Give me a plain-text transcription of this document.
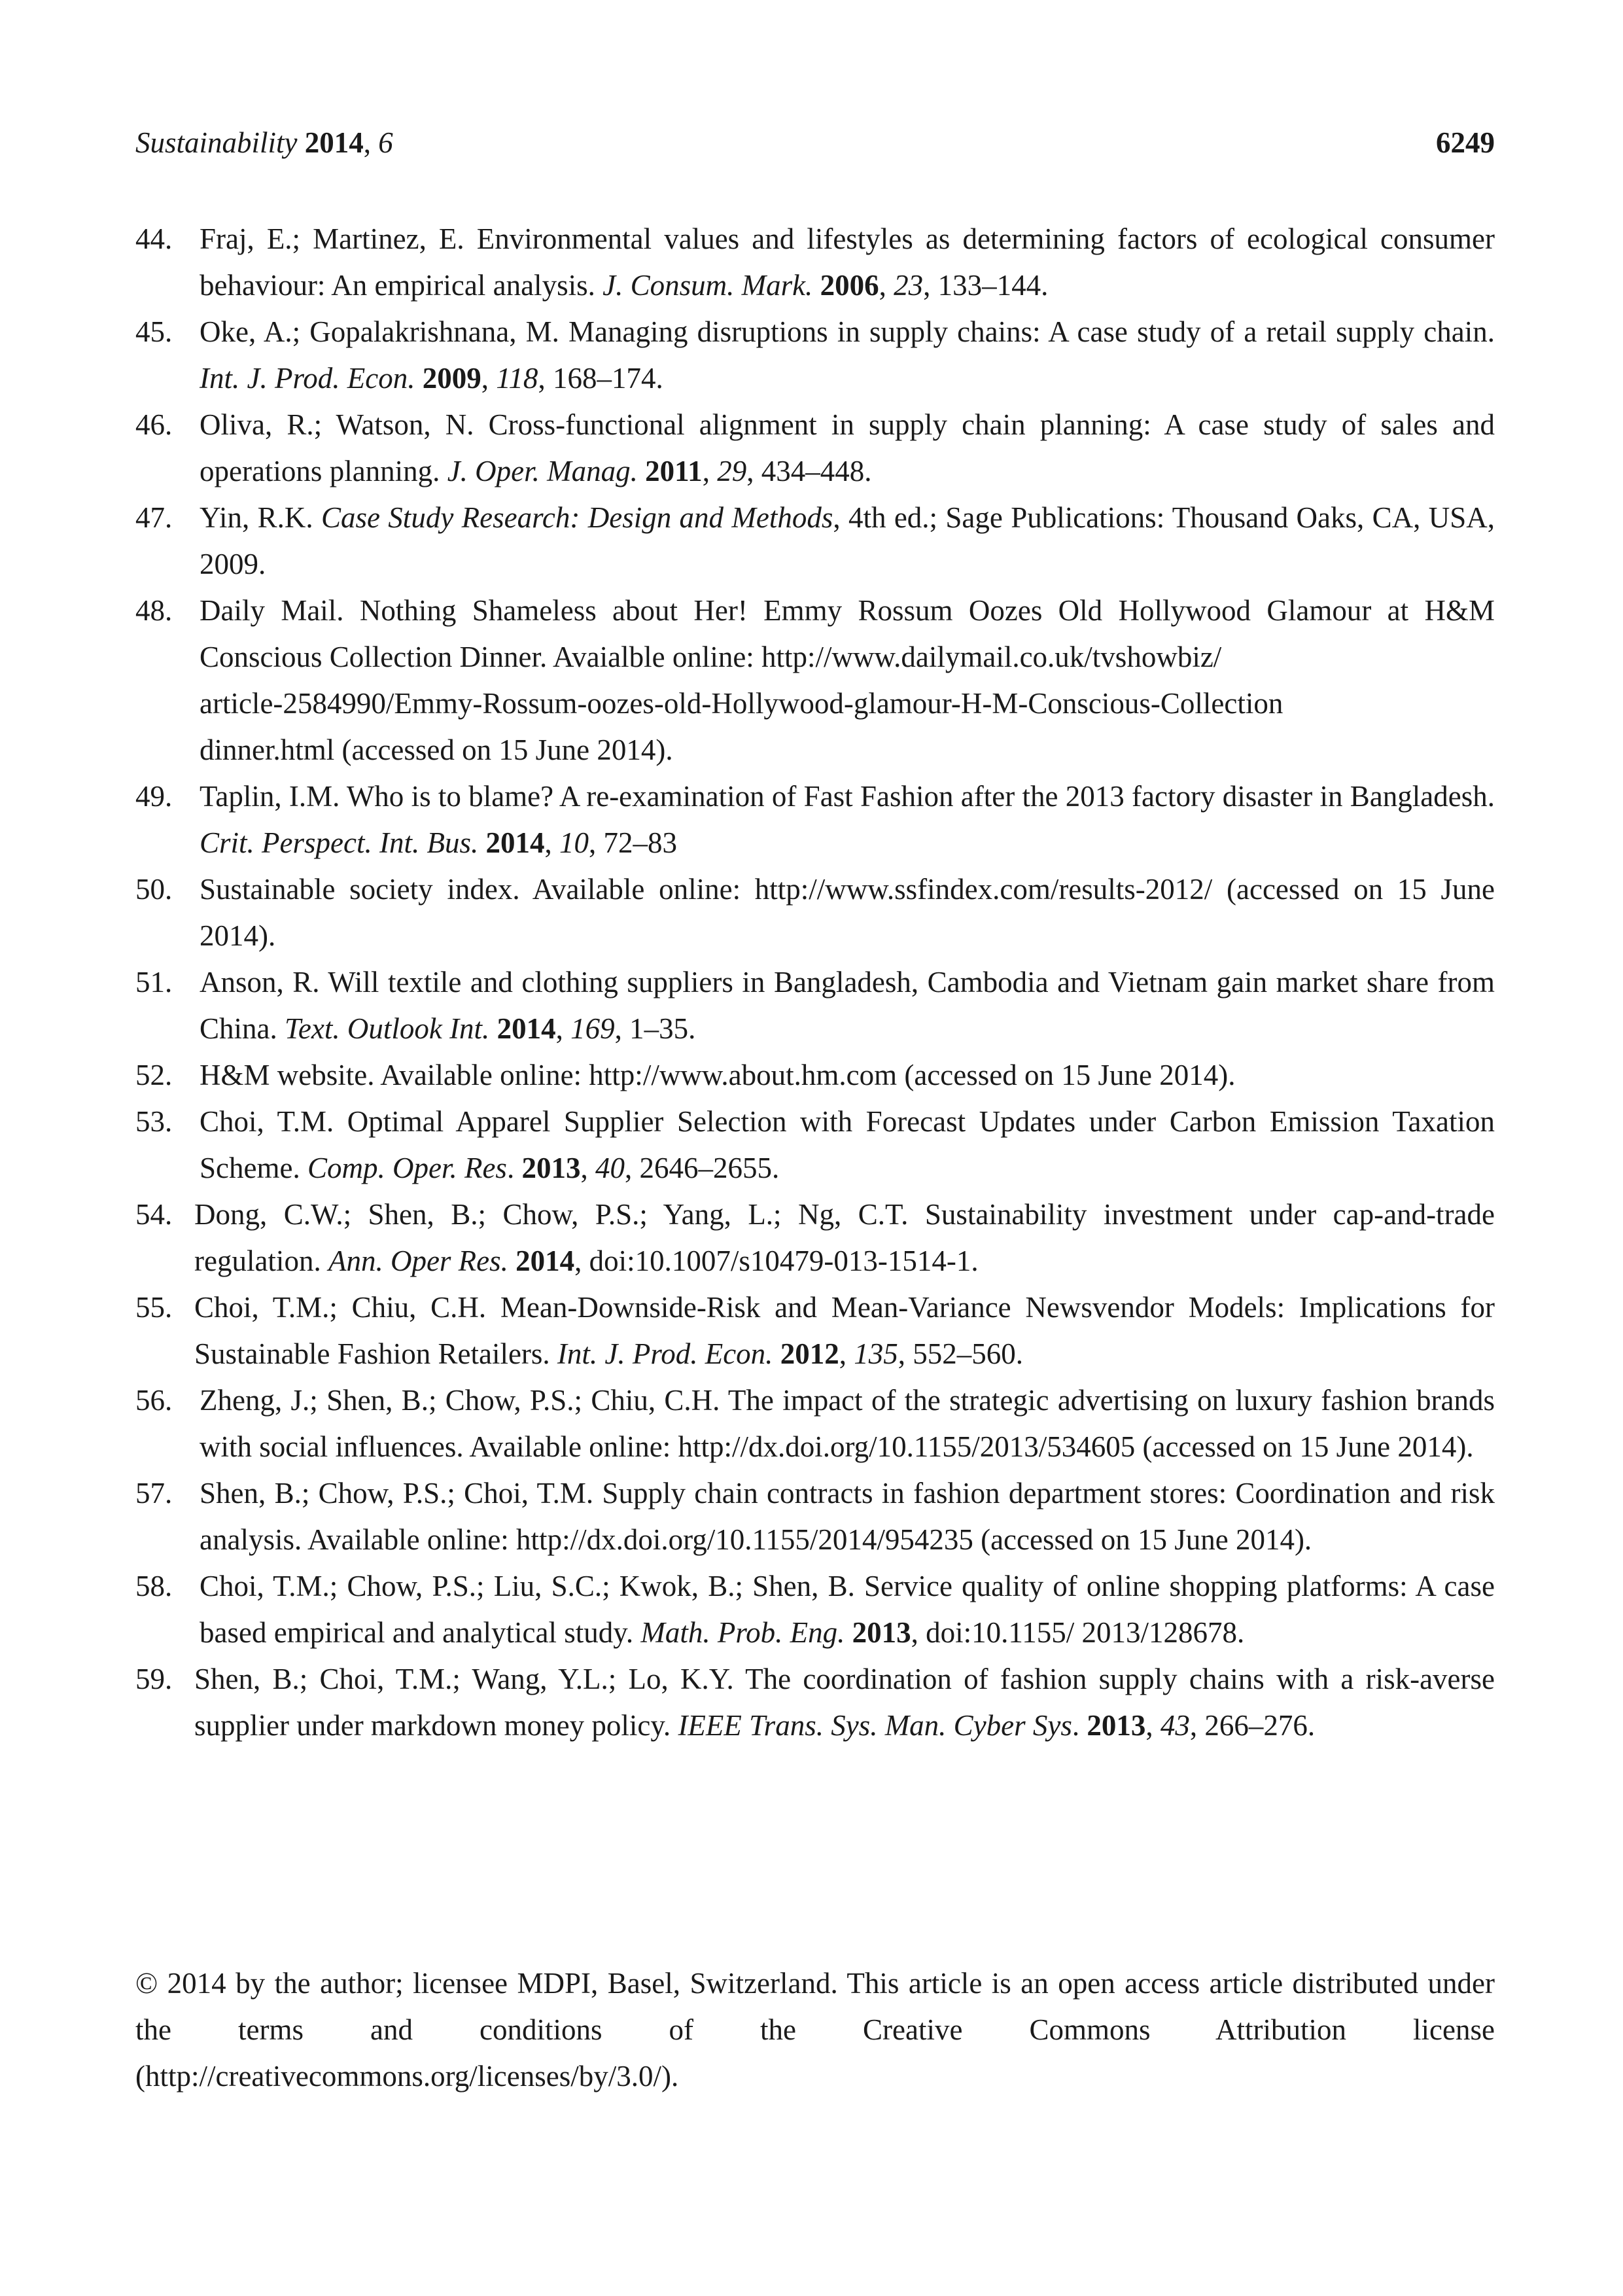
Sustainability 2014, 6	6249
44. Fraj, E.; Martinez, E. Environmental values and lifestyles as determining factors of ecological consumer behaviour: An empirical analysis. J. Consum. Mark. 2006, 23, 133–144.
45. Oke, A.; Gopalakrishnana, M. Managing disruptions in supply chains: A case study of a retail supply chain. Int. J. Prod. Econ. 2009, 118, 168–174.
46. Oliva, R.; Watson, N. Cross-functional alignment in supply chain planning: A case study of sales and operations planning. J. Oper. Manag. 2011, 29, 434–448.
47. Yin, R.K. Case Study Research: Design and Methods, 4th ed.; Sage Publications: Thousand Oaks, CA, USA, 2009.
48. Daily Mail. Nothing Shameless about Her! Emmy Rossum Oozes Old Hollywood Glamour at H&M Conscious Collection Dinner. Avaialble online: http://www.dailymail.co.uk/tvshowbiz/
article-2584990/Emmy-Rossum-oozes-old-Hollywood-glamour-H-M-Conscious-Collection
dinner.html (accessed on 15 June 2014).
49. Taplin, I.M. Who is to blame? A re-examination of Fast Fashion after the 2013 factory disaster in Bangladesh. Crit. Perspect. Int. Bus. 2014, 10, 72–83
50. Sustainable society index. Available online: http://www.ssfindex.com/results-2012/ (accessed on 15 June 2014).
51. Anson, R. Will textile and clothing suppliers in Bangladesh, Cambodia and Vietnam gain market share from China. Text. Outlook Int. 2014, 169, 1–35.
52. H&M website. Available online: http://www.about.hm.com (accessed on 15 June 2014).
53. Choi, T.M. Optimal Apparel Supplier Selection with Forecast Updates under Carbon Emission Taxation Scheme. Comp. Oper. Res. 2013, 40, 2646–2655.
54. Dong, C.W.; Shen, B.; Chow, P.S.; Yang, L.; Ng, C.T. Sustainability investment under cap-and-trade regulation. Ann. Oper Res. 2014, doi:10.1007/s10479-013-1514-1.
55. Choi, T.M.; Chiu, C.H. Mean-Downside-Risk and Mean-Variance Newsvendor Models: Implications for Sustainable Fashion Retailers. Int. J. Prod. Econ. 2012, 135, 552–560.
56. Zheng, J.; Shen, B.; Chow, P.S.; Chiu, C.H. The impact of the strategic advertising on luxury fashion brands with social influences. Available online: http://dx.doi.org/10.1155/2013/534605 (accessed on 15 June 2014).
57. Shen, B.; Chow, P.S.; Choi, T.M. Supply chain contracts in fashion department stores: Coordination and risk analysis. Available online: http://dx.doi.org/10.1155/2014/954235 (accessed on 15 June 2014).
58. Choi, T.M.; Chow, P.S.; Liu, S.C.; Kwok, B.; Shen, B. Service quality of online shopping platforms: A case based empirical and analytical study. Math. Prob. Eng. 2013, doi:10.1155/ 2013/128678.
59. Shen, B.; Choi, T.M.; Wang, Y.L.; Lo, K.Y. The coordination of fashion supply chains with a risk-averse supplier under markdown money policy. IEEE Trans. Sys. Man. Cyber Sys. 2013, 43, 266–276.

© 2014 by the author; licensee MDPI, Basel, Switzerland. This article is an open access article distributed under the terms and conditions of the Creative Commons Attribution license (http://creativecommons.org/licenses/by/3.0/).
